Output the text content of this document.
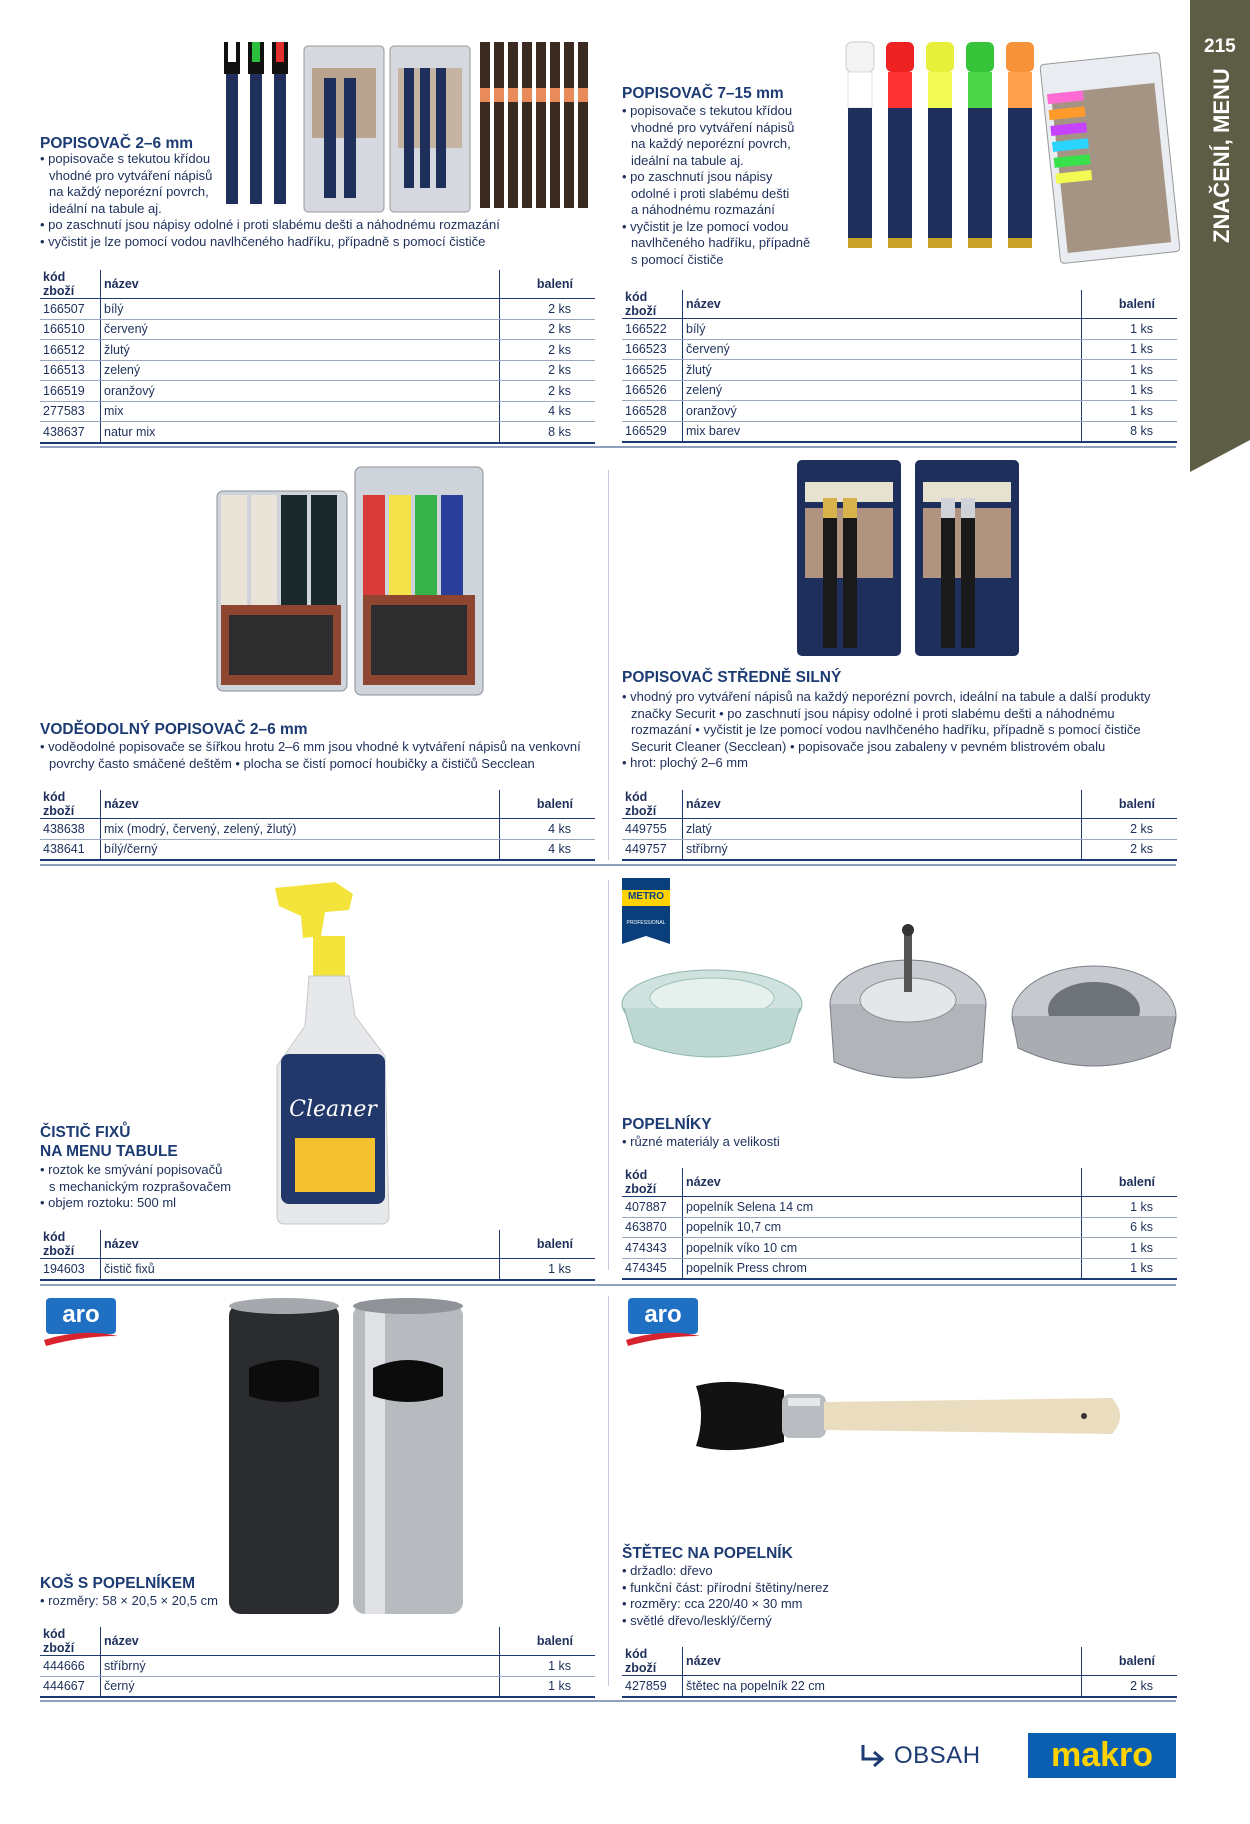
215
ZNAČENÍ, MENU
POPISOVAČ 2–6 mm
• popisovače s tekutou křídou
vhodné pro vytváření nápisů
na každý neporézní povrch,
ideální na tabule aj.
• po zaschnutí jsou nápisy odolné i proti slabému dešti a náhodnému rozmazání
• vyčistit je lze pomocí vodou navlhčeného hadříku, případně s pomocí čističe
kód zboží	název	balení
166507	bílý	2 ks
166510	červený	2 ks
166512	žlutý	2 ks
166513	zelený	2 ks
166519	oranžový	2 ks
277583	mix	4 ks
438637	natur mix	8 ks
POPISOVAČ 7–15 mm
• popisovače s tekutou křídou
vhodné pro vytváření nápisů
na každý neporézní povrch,
ideální na tabule aj.
• po zaschnutí jsou nápisy
odolné i proti slabému dešti
a náhodnému rozmazání
• vyčistit je lze pomocí vodou
navlhčeného hadříku, případně
s pomocí čističe
kód zboží	název	balení
166522	bílý	1 ks
166523	červený	1 ks
166525	žlutý	1 ks
166526	zelený	1 ks
166528	oranžový	1 ks
166529	mix barev	8 ks
VODĚODOLNÝ POPISOVAČ 2–6 mm
• voděodolné popisovače se šířkou hrotu 2–6 mm jsou vhodné k vytváření nápisů na venkovní
povrchy často smáčené deštěm • plocha se čistí pomocí houbičky a čističů Secclean
kód zboží	název	balení
438638	mix (modrý, červený, zelený, žlutý)	4 ks
438641	bílý/černý	4 ks
POPISOVAČ STŘEDNĚ SILNÝ
• vhodný pro vytváření nápisů na každý neporézní povrch, ideální na tabule a další produkty
značky Securit • po zaschnutí jsou nápisy odolné i proti slabému dešti a náhodnému
rozmazání • vyčistit je lze pomocí vodou navlhčeného hadříku, případně s pomocí čističe
Securit Cleaner (Secclean) • popisovače jsou zabaleny v pevném blistrovém obalu
• hrot: plochý 2–6 mm
kód zboží	název	balení
449755	zlatý	2 ks
449757	stříbrný	2 ks
Cleaner
ČISTIČ FIXŮ
NA MENU TABULE
• roztok ke smývání popisovačů
s mechanickým rozprašovačem
• objem roztoku: 500 ml
kód zboží	název	balení
194603	čistič fixů	1 ks
METRO
PROFESSIONAL
POPELNÍKY
• různé materiály a velikosti
kód zboží	název	balení
407887	popelník Selena 14 cm	1 ks
463870	popelník 10,7 cm	6 ks
474343	popelník víko 10 cm	1 ks
474345	popelník Press chrom	1 ks
aro
KOŠ S POPELNÍKEM
• rozměry: 58 × 20,5 × 20,5 cm
kód zboží	název	balení
444666	stříbrný	1 ks
444667	černý	1 ks
aro
ŠTĚTEC NA POPELNÍK
• držadlo: dřevo
• funkční část: přírodní štětiny/nerez
• rozměry: cca 220/40 × 30 mm
• světlé dřevo/lesklý/černý
kód zboží	název	balení
427859	štětec na popelník 22 cm	2 ks
OBSAH	makro
